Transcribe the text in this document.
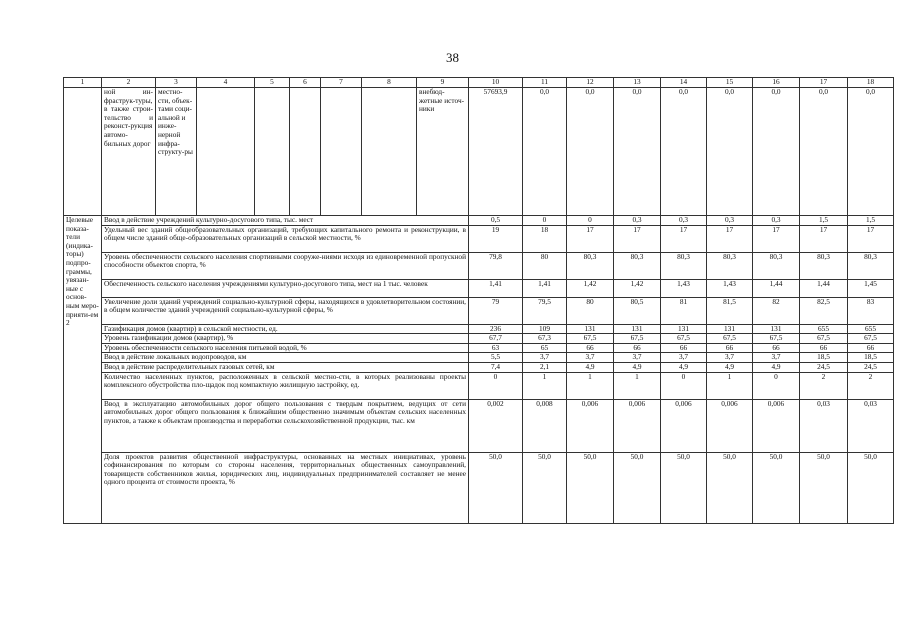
38
1	2	3	4	5	6	7	8	9	10	11	12	13	14	15	16	17	18
	ной ин-фраструк-туры, в также строи-тельство и реконст-рукция автомо-бильных дорог	местно-сти, объек-тами соци-альной и инже-нерной инфра-структу-ры						внебюд-жетные источ-ники	57693,9	0,0	0,0	0,0	0,0	0,0	0,0	0,0	0,0
Целевые показа-тели (индика-торы) подпро-граммы, увязан-ные с основ-ным меро-прияти-ем 2	Ввод в действие учреждений культурно-досугового типа, тыс. мест								0,5	0	0	0,3	0,3	0,3	0,3	1,5	1,5
	Удельный вес зданий общеобразовательных организаций, требующих капитального ремонта и реконструкции, в общем числе зданий обще-образовательных организаций в сельской местности, %								19	18	17	17	17	17	17	17	17
	Уровень обеспеченности сельского населения спортивными сооруже-ниями исходя из единовременной пропускной способности объектов спорта, %								79,8	80	80,3	80,3	80,3	80,3	80,3	80,3	80,3
	Обеспеченность сельского населения учреждениями культурно-досугового типа, мест на 1 тыс. человек								1,41	1,41	1,42	1,42	1,43	1,43	1,44	1,44	1,45
	Увеличение доли зданий учреждений социально-культурной сферы, находящихся в удовлетворительном состоянии, в общем количестве зданий учреждений социально-культурной сферы, %								79	79,5	80	80,5	81	81,5	82	82,5	83
	Газификация домов (квартир) в сельской местности, ед.								236	109	131	131	131	131	131	655	655
	Уровень газификации домов (квартир), %								67,7	67,3	67,5	67,5	67,5	67,5	67,5	67,5	67,5
	Уровень обеспеченности сельского населения питьевой водой, %								63	65	66	66	66	66	66	66	66
	Ввод в действие локальных водопроводов, км								5,5	3,7	3,7	3,7	3,7	3,7	3,7	18,5	18,5
	Ввод в действие распределительных газовых сетей, км								7,4	2,1	4,9	4,9	4,9	4,9	4,9	24,5	24,5
	Количество населенных пунктов, расположенных в сельской местно-сти, в которых реализованы проекты комплексного обустройства пло-щадок под компактную жилищную застройку, ед.								0	1	1	1	0	1	0	2	2
	Ввод в эксплуатацию автомобильных дорог общего пользования с твердым покрытием, ведущих от сети автомобильных дорог общего пользования к ближайшим общественно значимым объектам сельских населенных пунктов, а также к объектам производства и переработки сельскохозяйственной продукции, тыс. км								0,002	0,008	0,006	0,006	0,006	0,006	0,006	0,03	0,03
	Доля проектов развития общественной инфраструктуры, основанных на местных инициативах, уровень софинансирования по которым со стороны населения, территориальных общественных самоуправлений, товариществ собственников жилья, юридических лиц, индивидуальных предпринимателей составляет не менее одного процента от стоимости проекта, %								50,0	50,0	50,0	50,0	50,0	50,0	50,0	50,0	50,0
